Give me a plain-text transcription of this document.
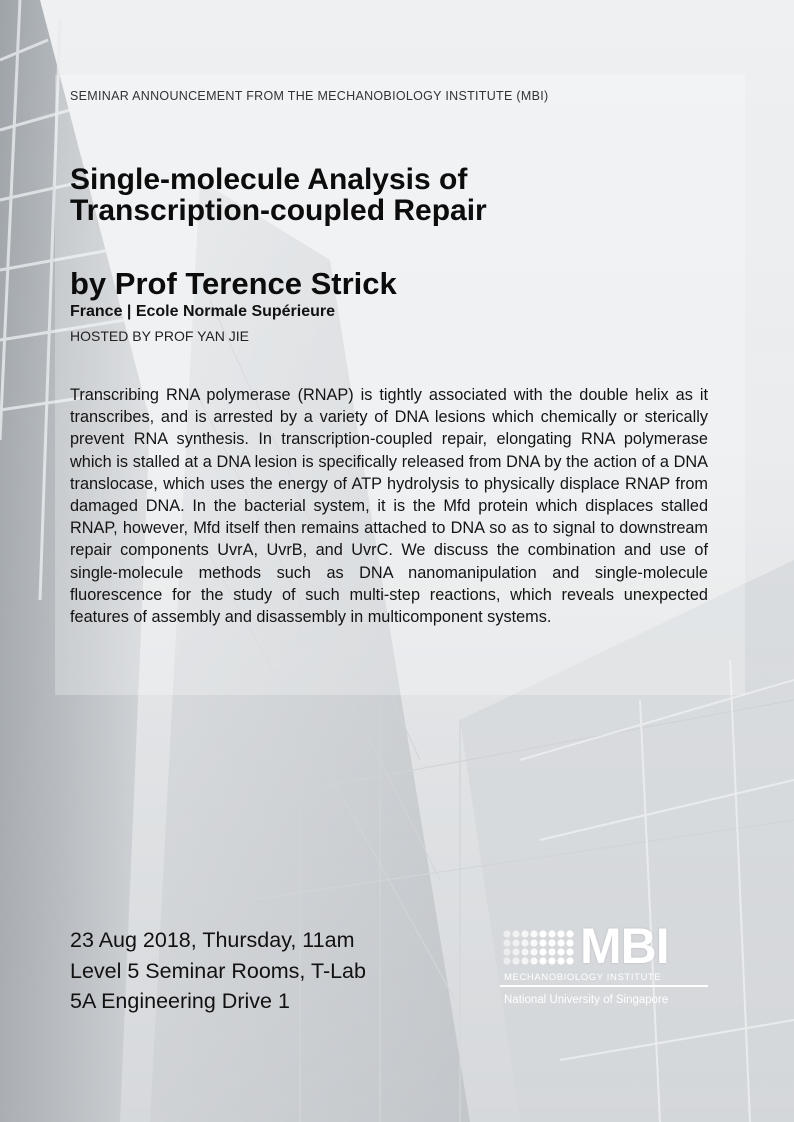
SEMINAR ANNOUNCEMENT FROM THE MECHANOBIOLOGY INSTITUTE (MBI)
Single-molecule Analysis of
Transcription-coupled Repair
by Prof Terence Strick
France | Ecole Normale Supérieure
HOSTED BY PROF YAN JIE

Transcribing RNA polymerase (RNAP) is tightly associated with the double helix as it transcribes, and is arrested by a variety of DNA lesions which chemically or sterically prevent RNA synthesis. In transcription-coupled repair, elongating RNA polymerase which is stalled at a DNA lesion is specifically released from DNA by the action of a DNA translocase, which uses the energy of ATP hydrolysis to physically displace RNAP from damaged DNA. In the bacterial system, it is the Mfd protein which displaces stalled RNAP, however, Mfd itself then remains attached to DNA so as to signal to downstream repair components UvrA, UvrB, and UvrC. We discuss the combination and use of single-molecule methods such as DNA nanomanipulation and single-molecule fluorescence for the study of such multi-step reactions, which reveals unexpected features of assembly and disassembly in multicomponent systems.

23 Aug 2018, Thursday, 11am
Level 5 Seminar Rooms, T-Lab
5A Engineering Drive 1
MBI
MECHANOBIOLOGY INSTITUTE
National University of Singapore
